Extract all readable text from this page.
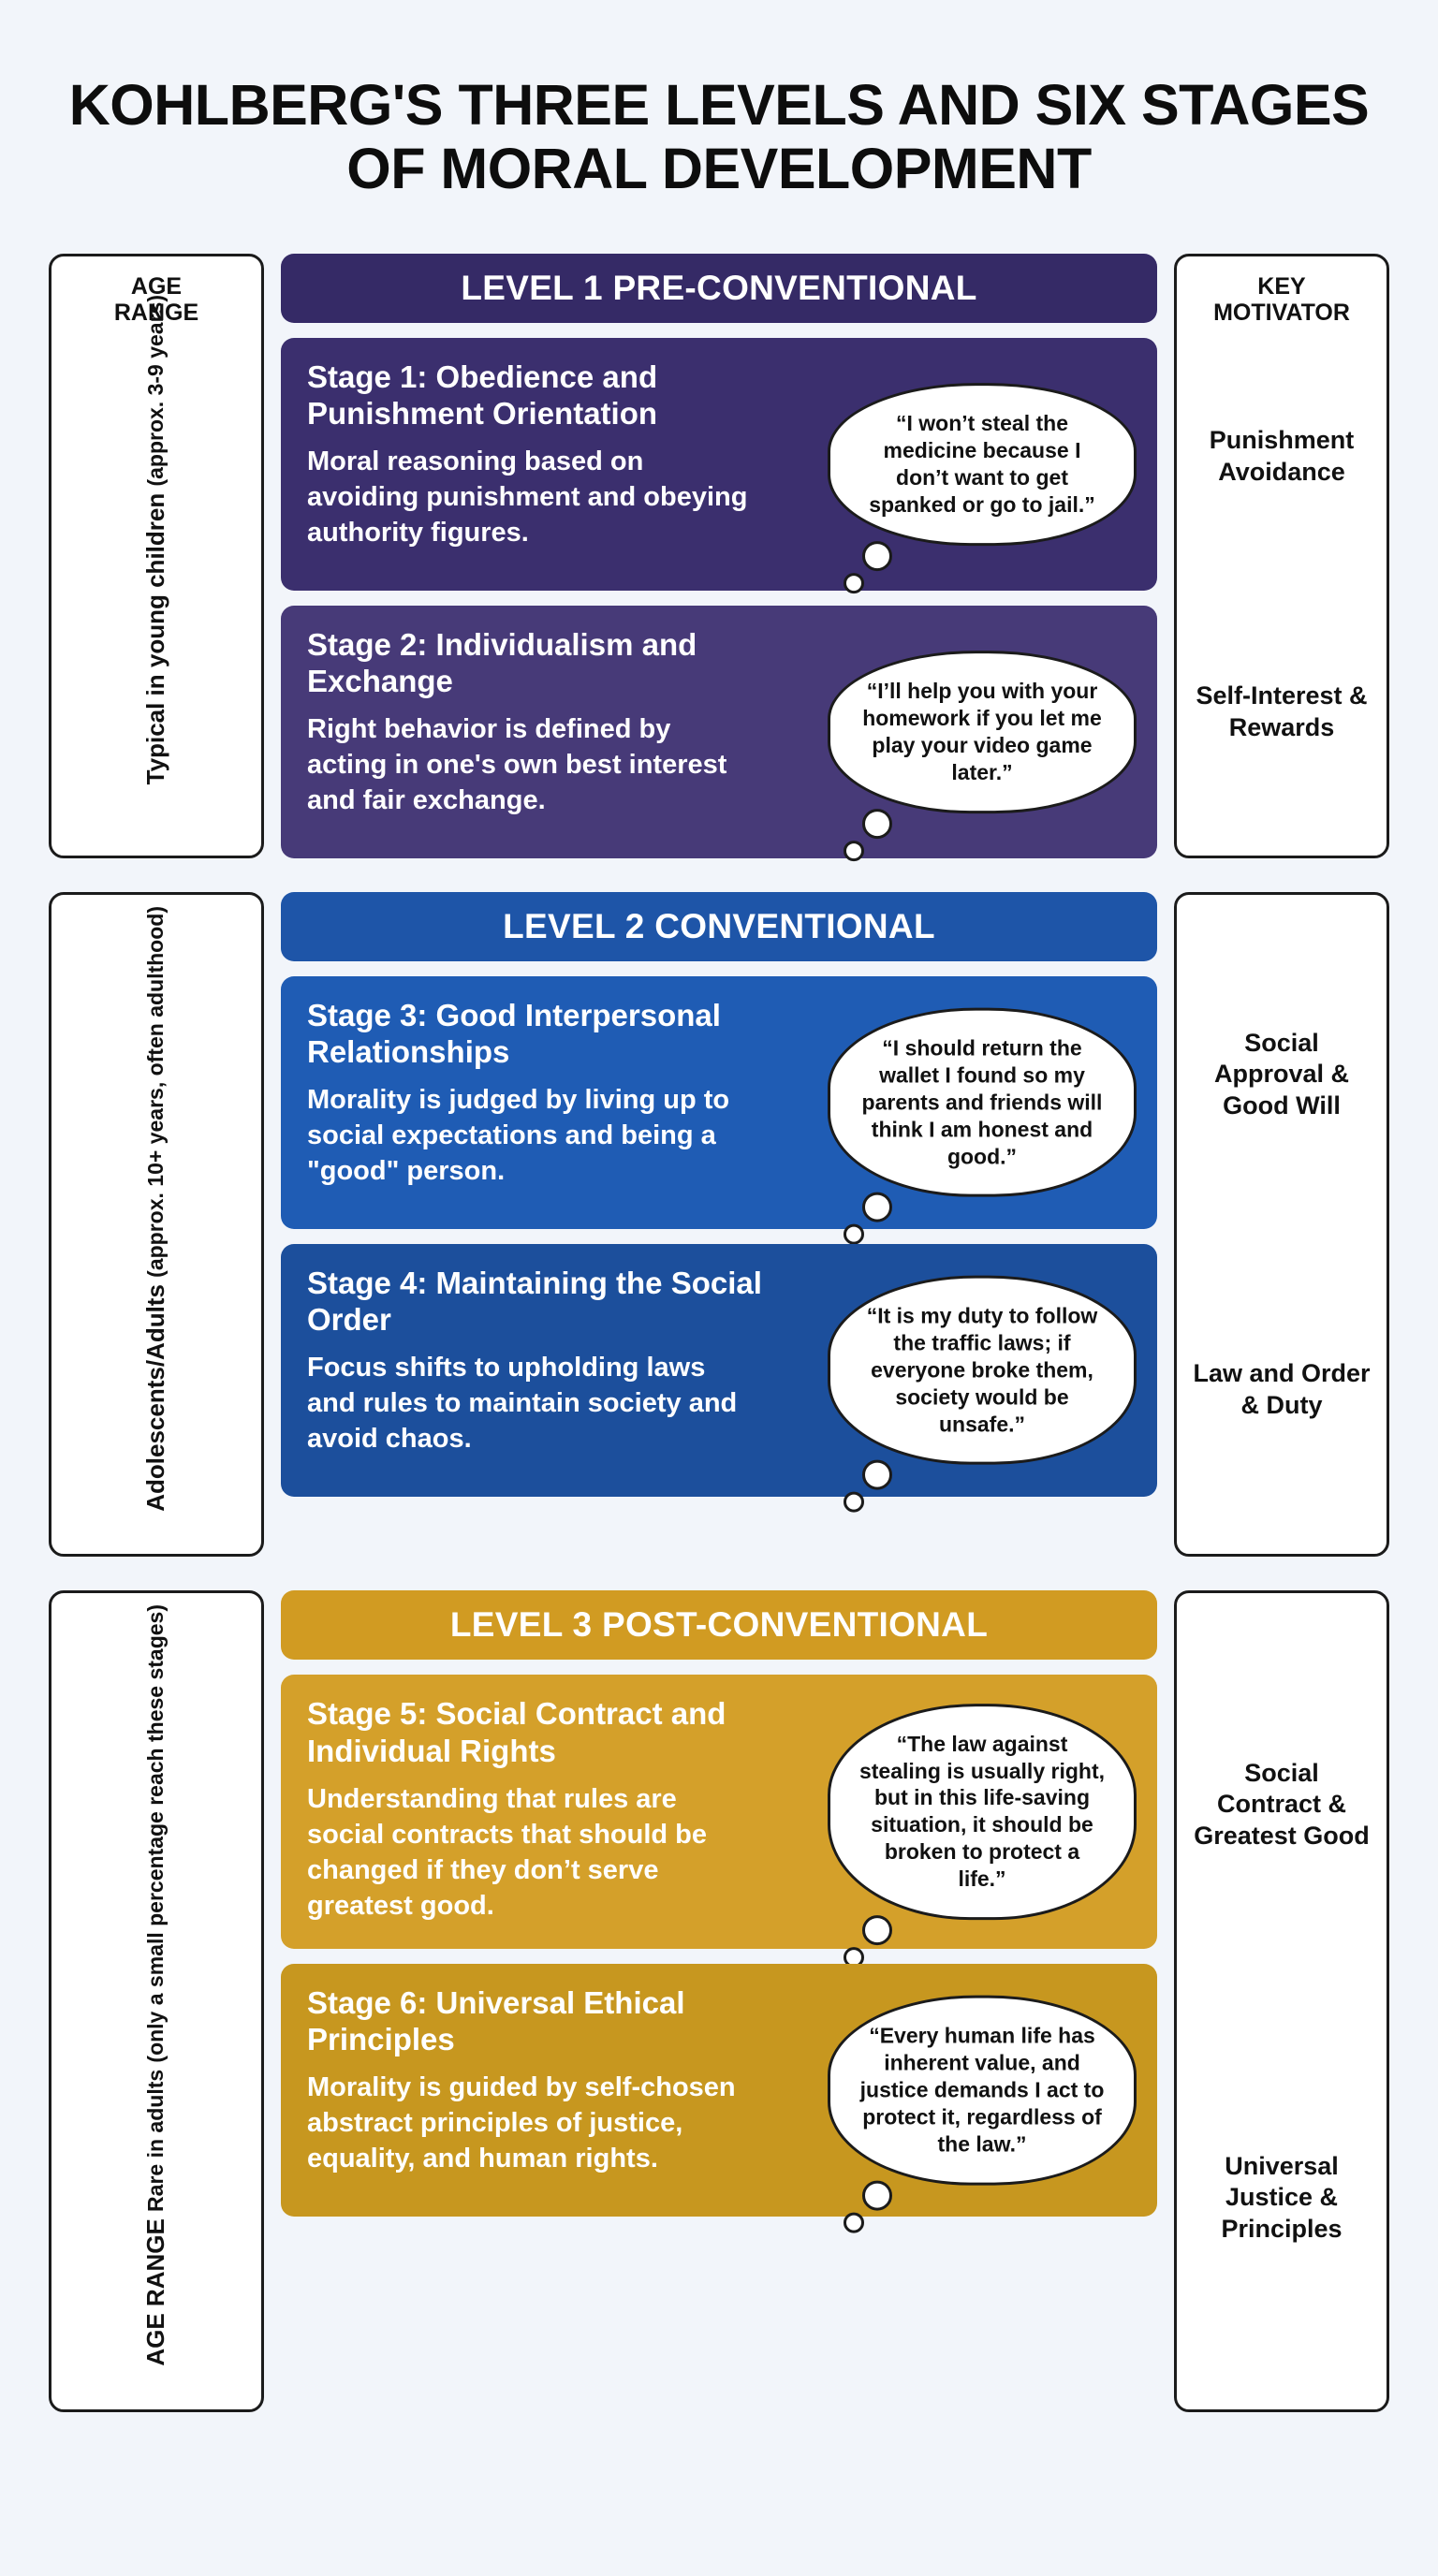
KOHLBERG'S THREE LEVELS AND SIX STAGES OF MORAL DEVELOPMENT
AGE
RANGE
Typical in young children (approx. 3-9 years)
LEVEL 1 PRE-CONVENTIONAL
Stage 1: Obedience and Punishment Orientation
Moral reasoning based on avoiding punishment and obeying authority figures.
“I won’t steal the medicine because I don’t want to get spanked or go to jail.”
Stage 2: Individualism and Exchange
Right behavior is defined by acting in one's own best interest and fair exchange.
“I’ll help you with your homework if you let me play your video game later.”
KEY
MOTIVATOR
Punishment Avoidance
Self-Interest & Rewards
Adolescents/Adults (approx. 10+ years, often adulthood)	LEVEL 2 CONVENTIONAL
Stage 3: Good Interpersonal Relationships
Morality is judged by living up to social expectations and being a "good" person.
“I should return the wallet I found so my parents and friends will think I am honest and good.”
Stage 4: Maintaining the Social Order
Focus shifts to upholding laws and rules to maintain society and avoid chaos.
“It is my duty to follow the traffic laws; if everyone broke them, society would be unsafe.”
Social Approval & Good Will
Law and Order & Duty
AGE RANGE Rare in adults (only a small percentage reach these stages)	LEVEL 3 POST-CONVENTIONAL
Stage 5: Social Contract and Individual Rights
Understanding that rules are social contracts that should be changed if they don’t serve greatest good.
“The law against stealing is usually right, but in this life-saving situation, it should be broken to protect a life.”
Stage 6: Universal Ethical Principles
Morality is guided by self-chosen abstract principles of justice, equality, and human rights.
“Every human life has inherent value, and justice demands I act to protect it, regardless of the law.”
Social Contract & Greatest Good
Universal Justice & Principles
